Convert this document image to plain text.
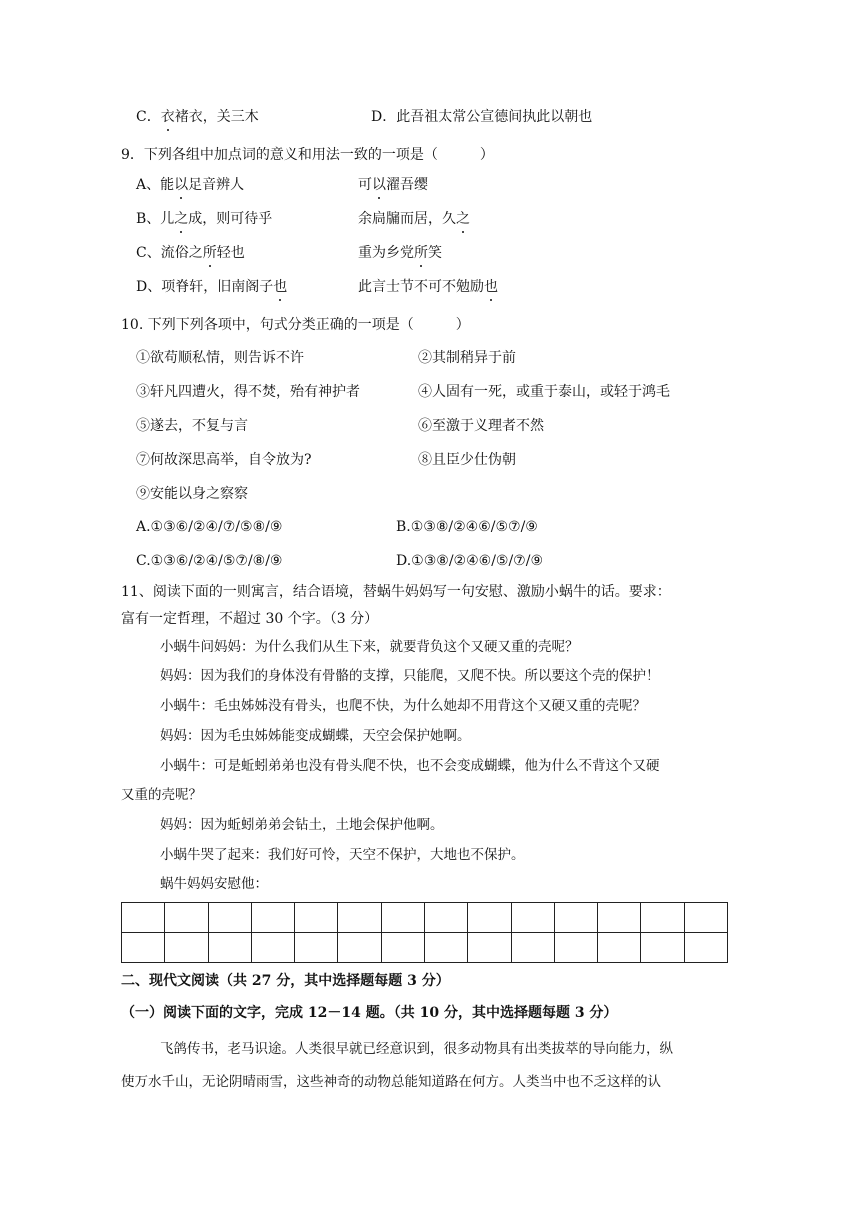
C．衣褚衣，关三木	D．此吾祖太常公宣德间执此以朝也
9．下列各组中加点词的意义和用法一致的一项是（　　　）
A、能以足音辨人	可以濯吾缨
B、儿之成，则可待乎	余扃牖而居，久之
C、流俗之所轻也	重为乡党所笑
D、项脊轩，旧南阁子也	此言士节不可不勉励也
10. 下列下列各项中，句式分类正确的一项是（　　　）
①欲苟顺私情，则告诉不许	②其制稍异于前
③轩凡四遭火，得不焚，殆有神护者	④人固有一死，或重于泰山，或轻于鸿毛
⑤遂去，不复与言	⑥至激于义理者不然
⑦何故深思高举，自令放为?	⑧且臣少仕伪朝
⑨安能以身之察察
A.①③⑥/②④/⑦/⑤⑧/⑨	B.①③⑧/②④⑥/⑤⑦/⑨
C.①③⑥/②④/⑤⑦/⑧/⑨	D.①③⑧/②④⑥/⑤/⑦/⑨
11、阅读下面的一则寓言，结合语境，替蜗牛妈妈写一句安慰、激励小蜗牛的话。要求：
富有一定哲理，不超过 30 个字。（3 分）
小蜗牛问妈妈：为什么我们从生下来，就要背负这个又硬又重的壳呢？
妈妈：因为我们的身体没有骨骼的支撑，只能爬，又爬不快。所以要这个壳的保护！
小蜗牛：毛虫姊姊没有骨头，也爬不快，为什么她却不用背这个又硬又重的壳呢？
妈妈：因为毛虫姊姊能变成蝴蝶，天空会保护她啊。
小蜗牛：可是蚯蚓弟弟也没有骨头爬不快，也不会变成蝴蝶，他为什么不背这个又硬
又重的壳呢？
妈妈：因为蚯蚓弟弟会钻土，土地会保护他啊。
小蜗牛哭了起来：我们好可怜，天空不保护，大地也不保护。
蜗牛妈妈安慰他：

二、现代文阅读（共 27 分，其中选择题每题 3 分）
（一）阅读下面的文字，完成 12－14 题。（共 10 分，其中选择题每题 3 分）
飞鸽传书，老马识途。人类很早就已经意识到，很多动物具有出类拔萃的导向能力，纵
使万水千山，无论阴晴雨雪，这些神奇的动物总能知道路在何方。人类当中也不乏这样的认
